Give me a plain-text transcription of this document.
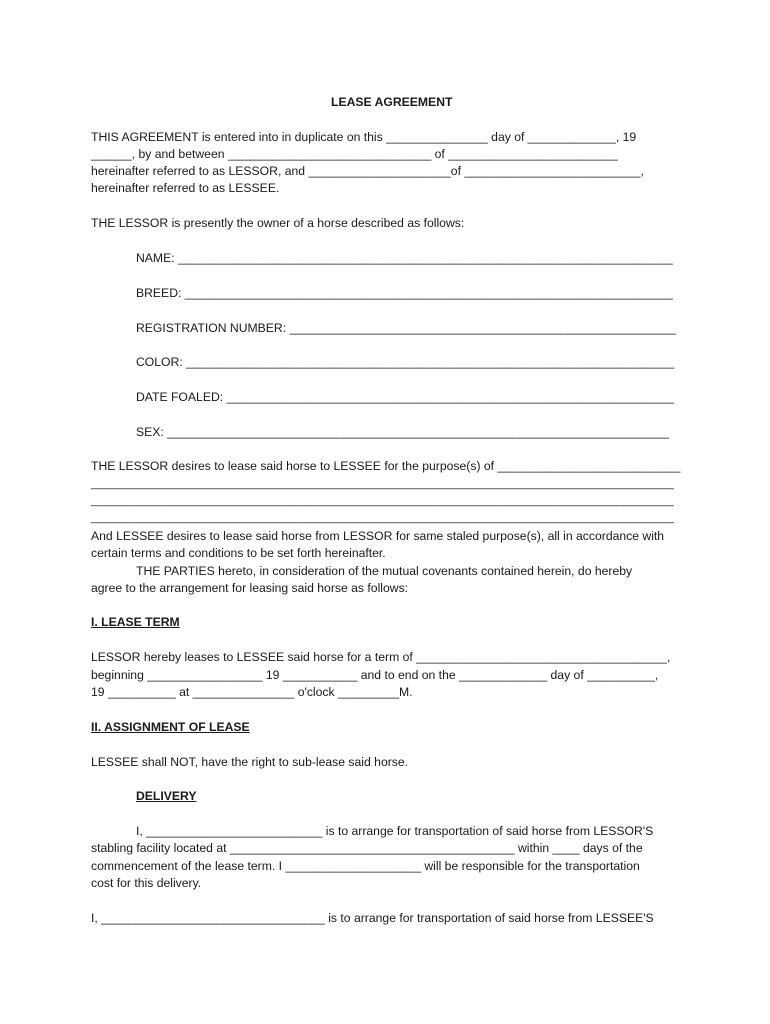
LEASE AGREEMENT
THIS AGREEMENT is entered into in duplicate on this _______________ day of _____________, 19
______, by and between ______________________________ of _________________________
hereinafter referred to as LESSOR, and _____________________of __________________________,
hereinafter referred to as LESSEE.
THE LESSOR is presently the owner of a horse described as follows:
NAME: _________________________________________________________________________
BREED: ________________________________________________________________________
REGISTRATION NUMBER: _________________________________________________________
COLOR: ________________________________________________________________________
DATE FOALED: __________________________________________________________________
SEX: __________________________________________________________________________
THE LESSOR desires to lease said horse to LESSEE for the purpose(s) of ___________________________
____________________________________________________________________________________________
____________________________________________________________________________________________
____________________________________________________________________________________________
And LESSEE desires to lease said horse from LESSOR for same staled purpose(s), all in accordance with
certain terms and conditions to be set forth hereinafter.
THE PARTIES hereto, in consideration of the mutual covenants contained herein, do hereby
agree to the arrangement for leasing said horse as follows:
I. LEASE TERM
LESSOR hereby leases to LESSEE said horse for a term of _____________________________________,
beginning _________________ 19 ___________ and to end on the _____________ day of __________,
19 __________ at _______________ o'clock _________M.
II. ASSIGNMENT OF LEASE
LESSEE shall NOT, have the right to sub-lease said horse.
DELIVERY
I, __________________________ is to arrange for transportation of said horse from LESSOR'S
stabling facility located at __________________________________________ within ____ days of the
commencement of the lease term. I ____________________ will be responsible for the transportation
cost for this delivery.
I, _________________________________ is to arrange for transportation of said horse from LESSEE'S
